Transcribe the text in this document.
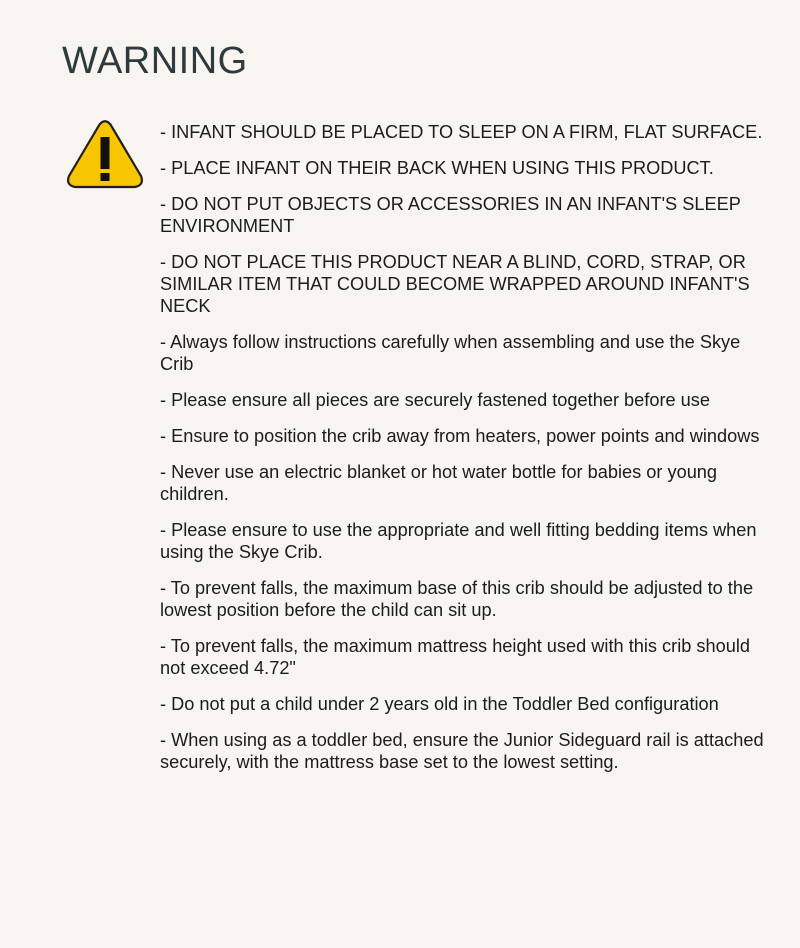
WARNING
- INFANT SHOULD BE PLACED TO SLEEP ON A FIRM, FLAT SURFACE.
- PLACE INFANT ON THEIR BACK WHEN USING THIS PRODUCT.
- DO NOT PUT OBJECTS OR ACCESSORIES IN AN INFANT'S SLEEP ENVIRONMENT
- DO NOT PLACE THIS PRODUCT NEAR A BLIND, CORD, STRAP, OR SIMILAR ITEM THAT COULD BECOME WRAPPED AROUND INFANT'S NECK
- Always follow instructions carefully when assembling and use the Skye Crib
- Please ensure all pieces are securely fastened together before use
- Ensure to position the crib away from heaters, power points and windows
- Never use an electric blanket or hot water bottle for babies or young children.
- Please ensure to use the appropriate and well fitting bedding items when using the Skye Crib.
- To prevent falls, the maximum base of this crib should be adjusted to the lowest position before the child can sit up.
- To prevent falls, the maximum mattress height used with this crib should not exceed 4.72"
- Do not put a child under 2 years old in the Toddler Bed configuration
- When using as a toddler bed, ensure the Junior Sideguard rail is attached securely, with the mattress base set to the lowest setting.
